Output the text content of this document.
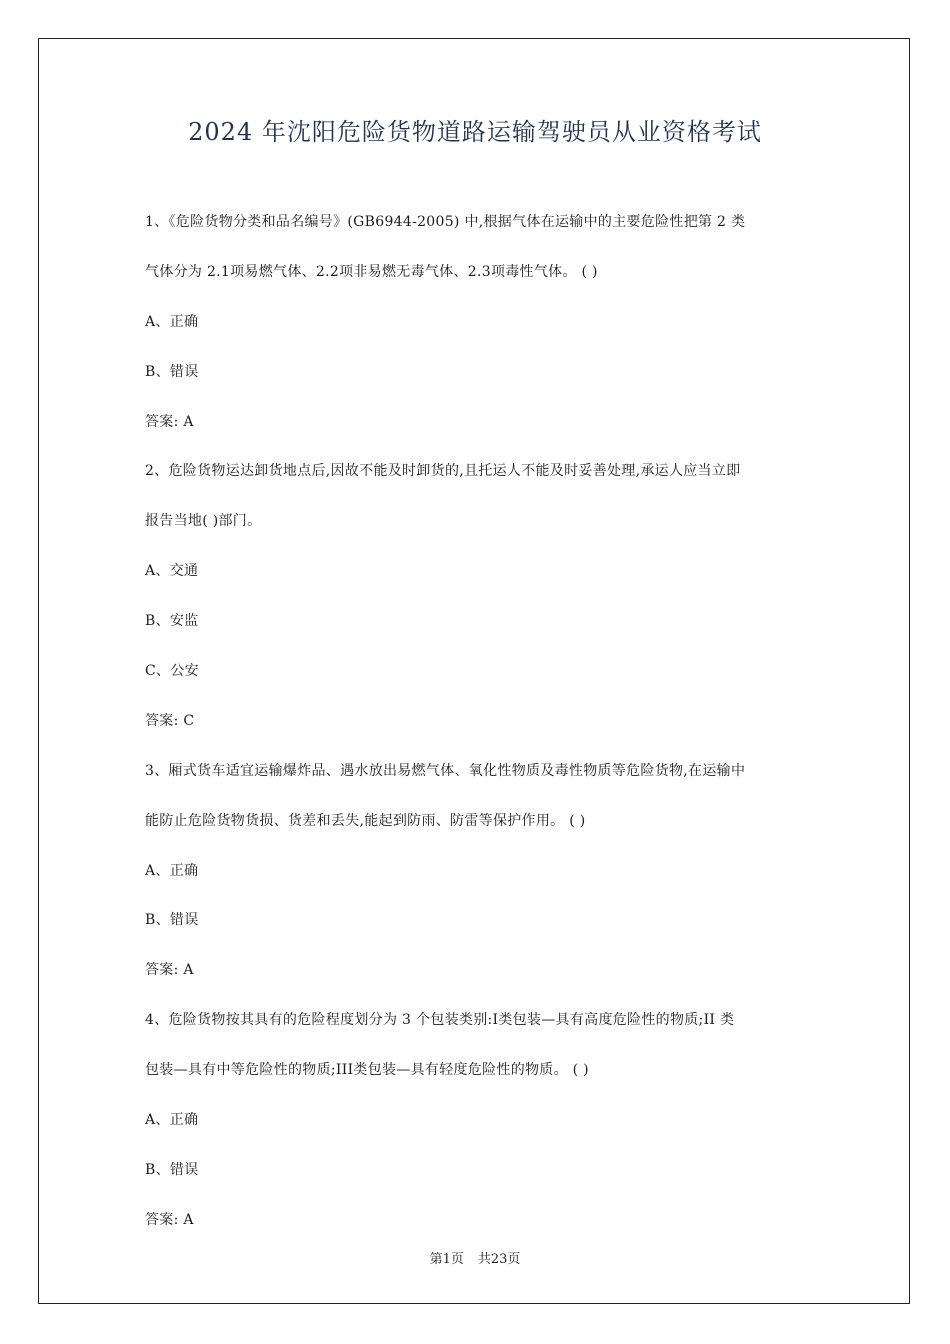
2024 年沈阳危险货物道路运输驾驶员从业资格考试
1、《危险货物分类和品名编号》(GB6944-2005) 中,根据气体在运输中的主要危险性把第 2 类
气体分为 2.1项易燃气体、2.2项非易燃无毒气体、2.3项毒性气体。 ( )
A、正确
B、错误
答案: A
2、危险货物运达卸货地点后,因故不能及时卸货的,且托运人不能及时妥善处理,承运人应当立即
报告当地( )部门。
A、交通
B、安监
C、公安
答案: C
3、厢式货车适宜运输爆炸品、遇水放出易燃气体、氧化性物质及毒性物质等危险货物,在运输中
能防止危险货物货损、货差和丢失,能起到防雨、防雷等保护作用。 ( )
A、正确
B、错误
答案: A
4、危险货物按其具有的危险程度划分为 3 个包装类别:I类包装—具有高度危险性的物质;II 类
包装—具有中等危险性的物质;III类包装—具有轻度危险性的物质。 ( )
A、正确
B、错误
答案: A
第1页 共23页
